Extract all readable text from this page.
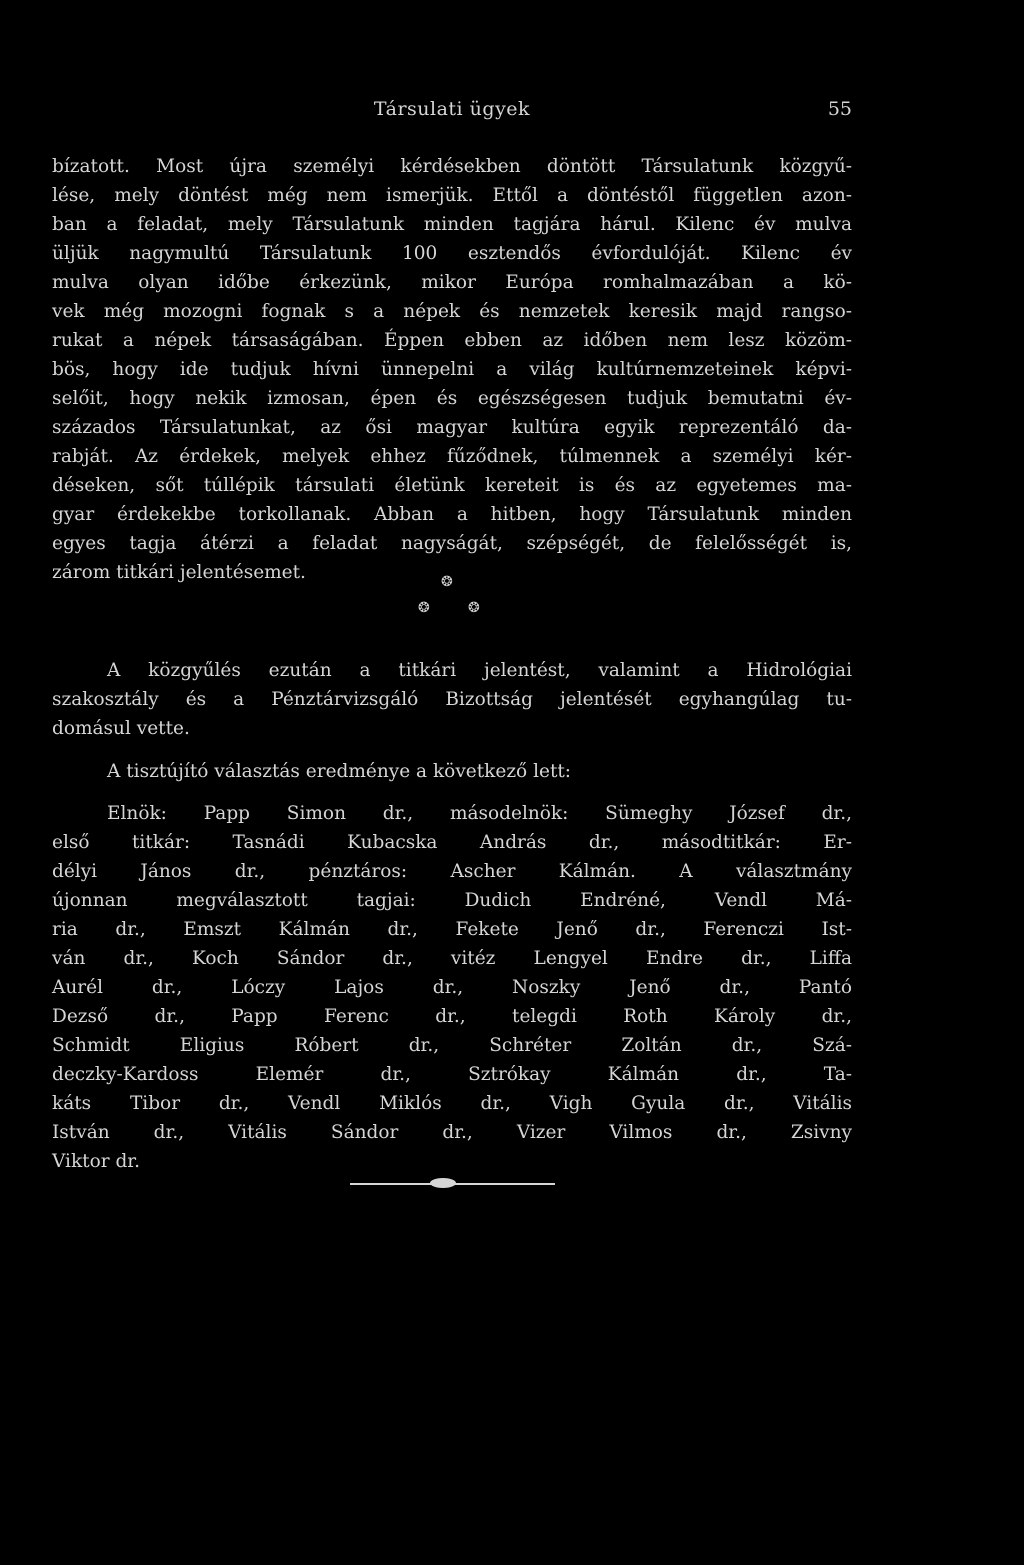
Társulati ügyek	55
bízatott. Most újra személyi kérdésekben döntött Társulatunk közgyű-
lése, mely döntést még nem ismerjük. Ettől a döntéstől független azon-
ban a feladat, mely Társulatunk minden tagjára hárul. Kilenc év mulva
üljük nagymultú Társulatunk 100 esztendős évfordulóját. Kilenc év
mulva olyan időbe érkezünk, mikor Európa romhalmazában a kö-
vek még mozogni fognak s a népek és nemzetek keresik majd rangso-
rukat a népek társaságában. Éppen ebben az időben nem lesz közöm-
bös, hogy ide tudjuk hívni ünnepelni a világ kultúrnemzeteinek képvi-
selőit, hogy nekik izmosan, épen és egészségesen tudjuk bemutatni év-
százados Társulatunkat, az ősi magyar kultúra egyik reprezentáló da-
rabját. Az érdekek, melyek ehhez fűződnek, túlmennek a személyi kér-
déseken, sőt túllépik társulati életünk kereteit is és az egyetemes ma-
gyar érdekekbe torkollanak. Abban a hitben, hogy Társulatunk minden
egyes tagja átérzi a feladat nagyságát, szépségét, de felelősségét is,
zárom titkári jelentésemet.	❂
❂	❂
A közgyűlés ezután a titkári jelentést, valamint a Hidrológiai
szakosztály és a Pénztárvizsgáló Bizottság jelentését egyhangúlag tu-
domásul vette.
A tisztújító választás eredménye a következő lett:
Elnök: Papp Simon dr., másodelnök: Sümeghy József dr.,
első titkár: Tasnádi Kubacska András dr., másodtitkár: Er-
délyi János dr., pénztáros: Ascher Kálmán. A választmány
újonnan megválasztott tagjai: Dudich Endréné, Vendl Má-
ria dr., Emszt Kálmán dr., Fekete Jenő dr., Ferenczi Ist-
ván dr., Koch Sándor dr., vitéz Lengyel Endre dr., Liffa
Aurél dr., Lóczy Lajos dr., Noszky Jenő dr., Pantó
Dezső dr., Papp Ferenc dr., telegdi Roth Károly dr.,
Schmidt Eligius Róbert dr., Schréter Zoltán dr., Szá-
deczky-Kardoss Elemér dr., Sztrókay Kálmán dr., Ta-
káts Tibor dr., Vendl Miklós dr., Vigh Gyula dr., Vitális
István dr., Vitális Sándor dr., Vizer Vilmos dr., Zsivny
Viktor dr.
